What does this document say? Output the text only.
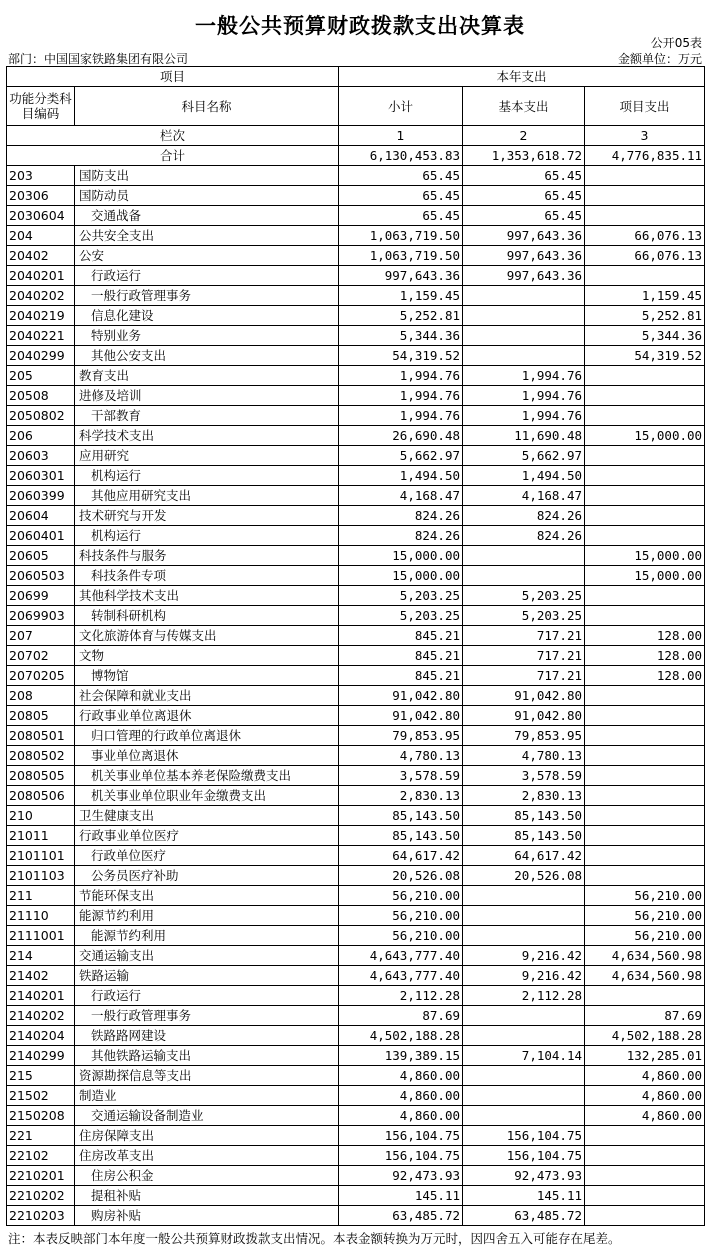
一般公共预算财政拨款支出决算表
公开05表
部门：中国国家铁路集团有限公司	金额单位：万元
项目		本年支出		
功能分类科目编码	科目名称	小计	基本支出	项目支出
栏次		1	2	3
合计		6,130,453.83	1,353,618.72	4,776,835.11
203	国防支出	65.45	65.45	
20306	国防动员	65.45	65.45	
2030604	交通战备	65.45	65.45	
204	公共安全支出	1,063,719.50	997,643.36	66,076.13
20402	公安	1,063,719.50	997,643.36	66,076.13
2040201	行政运行	997,643.36	997,643.36	
2040202	一般行政管理事务	1,159.45		1,159.45
2040219	信息化建设	5,252.81		5,252.81
2040221	特别业务	5,344.36		5,344.36
2040299	其他公安支出	54,319.52		54,319.52
205	教育支出	1,994.76	1,994.76	
20508	进修及培训	1,994.76	1,994.76	
2050802	干部教育	1,994.76	1,994.76	
206	科学技术支出	26,690.48	11,690.48	15,000.00
20603	应用研究	5,662.97	5,662.97	
2060301	机构运行	1,494.50	1,494.50	
2060399	其他应用研究支出	4,168.47	4,168.47	
20604	技术研究与开发	824.26	824.26	
2060401	机构运行	824.26	824.26	
20605	科技条件与服务	15,000.00		15,000.00
2060503	科技条件专项	15,000.00		15,000.00
20699	其他科学技术支出	5,203.25	5,203.25	
2069903	转制科研机构	5,203.25	5,203.25	
207	文化旅游体育与传媒支出	845.21	717.21	128.00
20702	文物	845.21	717.21	128.00
2070205	博物馆	845.21	717.21	128.00
208	社会保障和就业支出	91,042.80	91,042.80	
20805	行政事业单位离退休	91,042.80	91,042.80	
2080501	归口管理的行政单位离退休	79,853.95	79,853.95	
2080502	事业单位离退休	4,780.13	4,780.13	
2080505	机关事业单位基本养老保险缴费支出	3,578.59	3,578.59	
2080506	机关事业单位职业年金缴费支出	2,830.13	2,830.13	
210	卫生健康支出	85,143.50	85,143.50	
21011	行政事业单位医疗	85,143.50	85,143.50	
2101101	行政单位医疗	64,617.42	64,617.42	
2101103	公务员医疗补助	20,526.08	20,526.08	
211	节能环保支出	56,210.00		56,210.00
21110	能源节约利用	56,210.00		56,210.00
2111001	能源节约利用	56,210.00		56,210.00
214	交通运输支出	4,643,777.40	9,216.42	4,634,560.98
21402	铁路运输	4,643,777.40	9,216.42	4,634,560.98
2140201	行政运行	2,112.28	2,112.28	
2140202	一般行政管理事务	87.69		87.69
2140204	铁路路网建设	4,502,188.28		4,502,188.28
2140299	其他铁路运输支出	139,389.15	7,104.14	132,285.01
215	资源勘探信息等支出	4,860.00		4,860.00
21502	制造业	4,860.00		4,860.00
2150208	交通运输设备制造业	4,860.00		4,860.00
221	住房保障支出	156,104.75	156,104.75	
22102	住房改革支出	156,104.75	156,104.75	
2210201	住房公积金	92,473.93	92,473.93	
2210202	提租补贴	145.11	145.11	
2210203	购房补贴	63,485.72	63,485.72	
注：本表反映部门本年度一般公共预算财政拨款支出情况。本表金额转换为万元时，因四舍五入可能存在尾差。
